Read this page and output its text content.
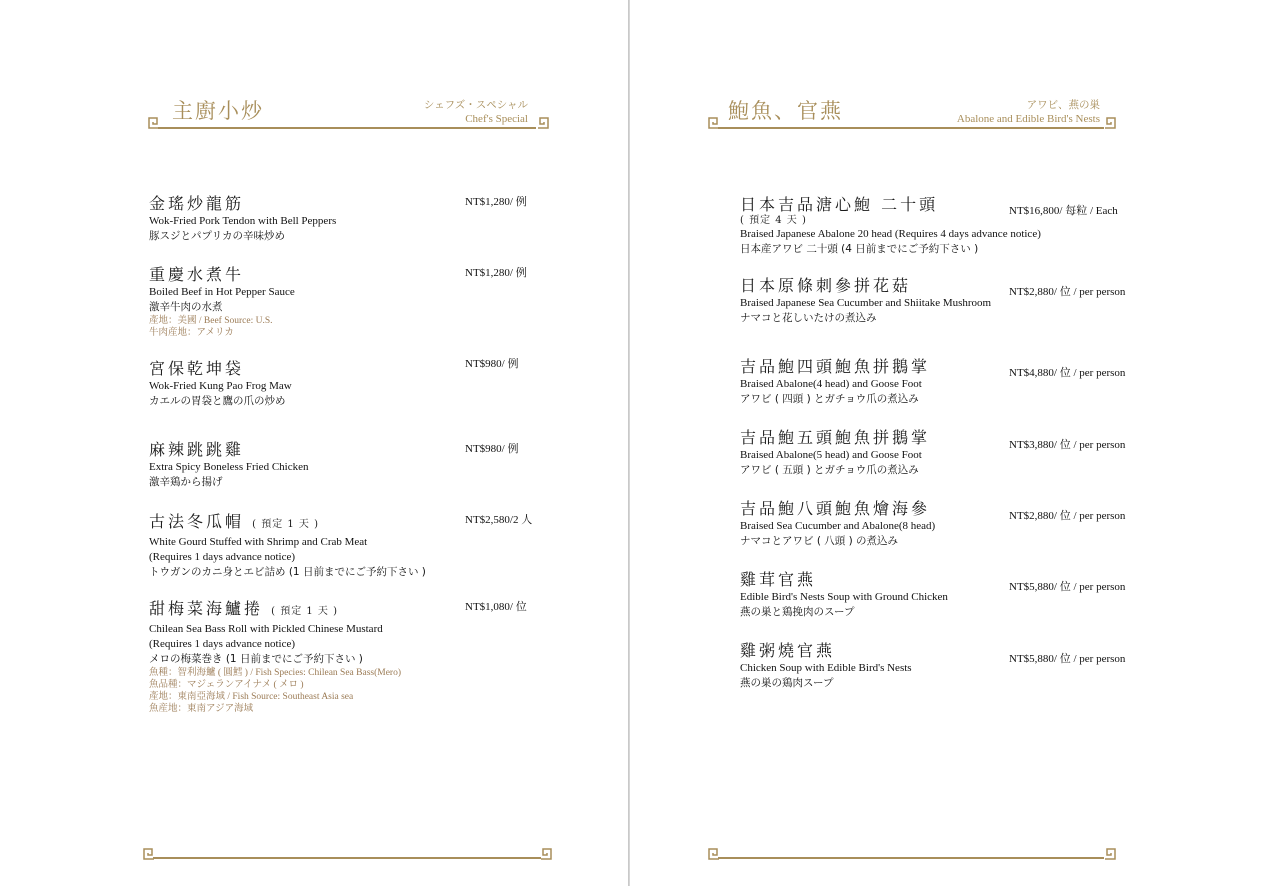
主廚小炒	シェフズ・スペシャル
Chef's Special
金瑤炒龍筋
Wok-Fried Pork Tendon with Bell Peppers
豚スジとパプリカの辛味炒め
NT$1,280/ 例
重慶水煮牛
Boiled Beef in Hot Pepper Sauce
激辛牛肉の水煮
產地：美國 / Beef Source: U.S.
牛肉産地：アメリカ
NT$1,280/ 例
宮保乾坤袋
Wok-Fried Kung Pao Frog Maw
カエルの胃袋と鷹の爪の炒め
NT$980/ 例
麻辣跳跳雞
Extra Spicy Boneless Fried Chicken
激辛鶏から揚げ
NT$980/ 例
古法冬瓜帽 ( 預定 1 天 )
White Gourd Stuffed with Shrimp and Crab Meat
(Requires 1 days advance notice)
トウガンのカニ身とエビ詰め (1 日前までにご予約下さい )
NT$2,580/2 人
甜梅菜海鱸捲 ( 預定 1 天 )
Chilean Sea Bass Roll with Pickled Chinese Mustard
(Requires 1 days advance notice)
メロの梅菜巻き (1 日前までにご予約下さい )
魚種：智利海鱸 ( 圓鱈 ) / Fish Species: Chilean Sea Bass(Mero)
魚品種：マジェランアイナメ ( メロ )
產地：東南亞海域 / Fish Source: Southeast Asia sea
魚産地：東南アジア海域
NT$1,080/ 位
鮑魚、官燕	アワビ、燕の巣
Abalone and Edible Bird's Nests
日本吉品溏心鮑 二十頭
( 預定 4 天 )
Braised Japanese Abalone 20 head (Requires 4 days advance notice)
日本産アワビ 二十頭 (4 日前までにご予約下さい )
NT$16,800/ 每粒 / Each
日本原條刺參拼花菇
Braised Japanese Sea Cucumber and Shiitake Mushroom
ナマコと花しいたけの煮込み
NT$2,880/ 位 / per person
吉品鮑四頭鮑魚拼鵝掌
Braised Abalone(4 head) and Goose Foot
アワビ ( 四頭 ) とガチョウ爪の煮込み
NT$4,880/ 位 / per person
吉品鮑五頭鮑魚拼鵝掌
Braised Abalone(5 head) and Goose Foot
アワビ ( 五頭 ) とガチョウ爪の煮込み
NT$3,880/ 位 / per person
吉品鮑八頭鮑魚燴海參
Braised Sea Cucumber and Abalone(8 head)
ナマコとアワビ ( 八頭 ) の煮込み
NT$2,880/ 位 / per person
雞茸官燕
Edible Bird's Nests Soup with Ground Chicken
燕の巣と鶏挽肉のスープ
NT$5,880/ 位 / per person
雞粥燒官燕
Chicken Soup with Edible Bird's Nests
燕の巣の鶏肉スープ
NT$5,880/ 位 / per person
